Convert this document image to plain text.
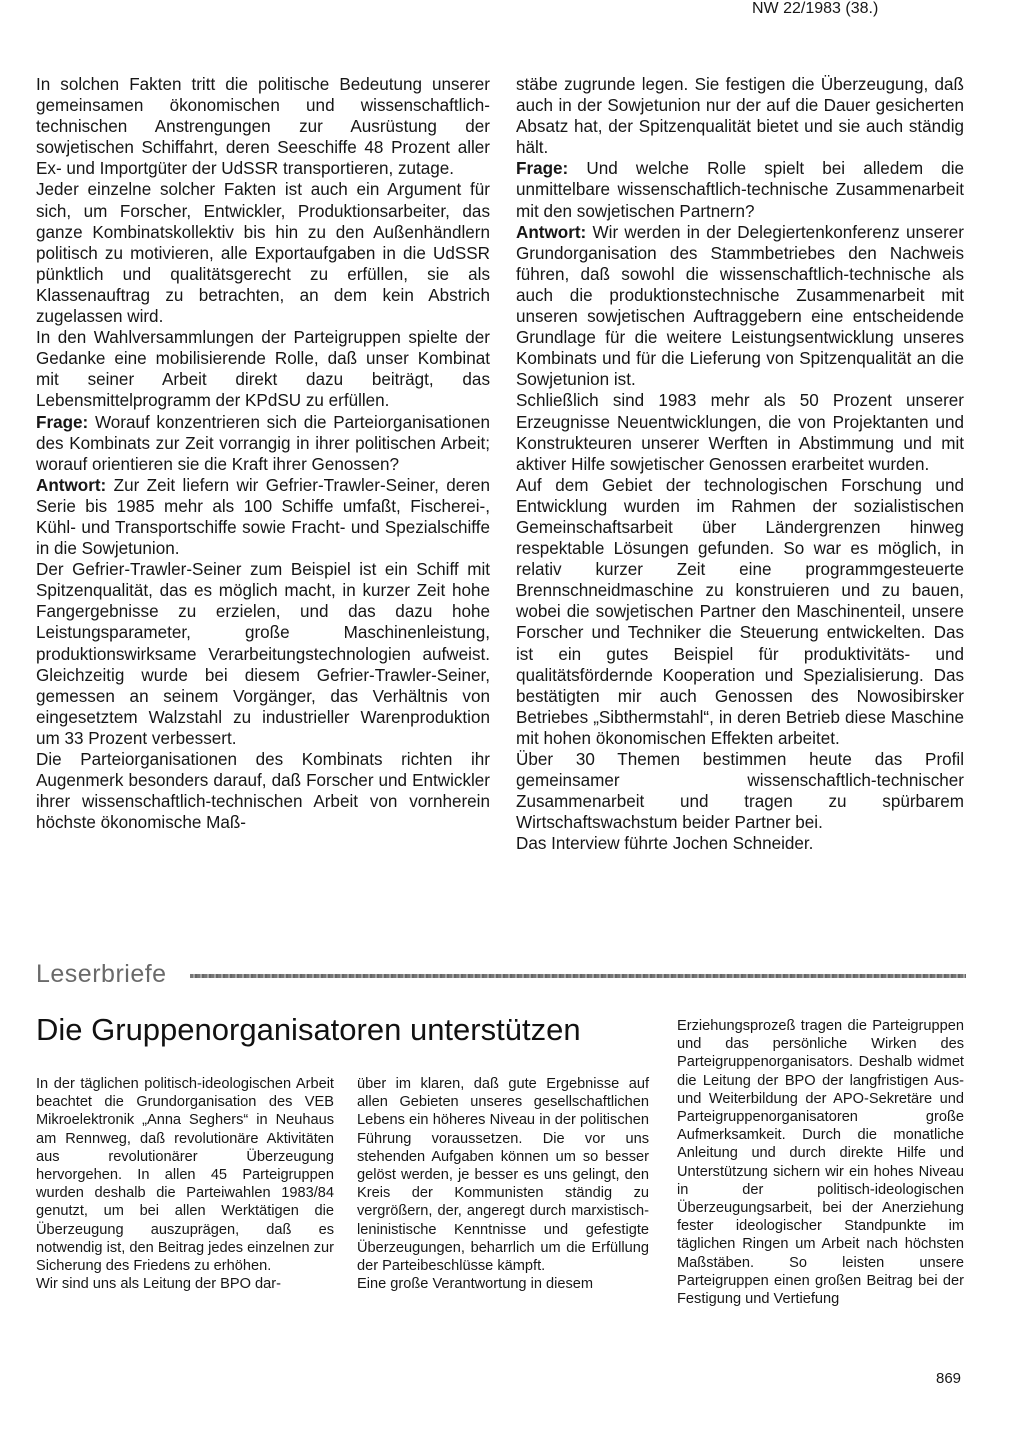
In solchen Fakten tritt die politische Bedeutung unserer gemeinsamen ökonomischen und wissenschaftlich-technischen Anstrengungen zur Ausrüstung der sowjetischen Schiffahrt, deren Seeschiffe 48 Prozent aller Ex- und Importgüter der UdSSR transportieren, zutage.

Jeder einzelne solcher Fakten ist auch ein Argument für sich, um Forscher, Entwickler, Produktionsarbeiter, das ganze Kombinatskollektiv bis hin zu den Außenhändlern politisch zu motivieren, alle Exportaufgaben in die UdSSR pünktlich und qualitätsgerecht zu erfüllen, sie als Klassenauftrag zu betrachten, an dem kein Abstrich zugelassen wird.

In den Wahlversammlungen der Parteigruppen spielte der Gedanke eine mobilisierende Rolle, daß unser Kombinat mit seiner Arbeit direkt dazu beiträgt, das Lebensmittelprogramm der KPdSU zu erfüllen.

Frage: Worauf konzentrieren sich die Parteiorganisationen des Kombinats zur Zeit vorrangig in ihrer politischen Arbeit; worauf orientieren sie die Kraft ihrer Genossen?

Antwort: Zur Zeit liefern wir Gefrier-Trawler-Seiner, deren Serie bis 1985 mehr als 100 Schiffe umfaßt, Fischerei-, Kühl- und Transportschiffe sowie Fracht- und Spezialschiffe in die Sowjetunion.

Der Gefrier-Trawler-Seiner zum Beispiel ist ein Schiff mit Spitzenqualität, das es möglich macht, in kurzer Zeit hohe Fangergebnisse zu erzielen, und das dazu hohe Leistungsparameter, große Maschinenleistung, produktionswirksame Verarbeitungstechnologien aufweist. Gleichzeitig wurde bei diesem Gefrier-Trawler-Seiner, gemessen an seinem Vorgänger, das Verhältnis von eingesetztem Walzstahl zu industrieller Warenproduktion um 33 Prozent verbessert.

Die Parteiorganisationen des Kombinats richten ihr Augenmerk besonders darauf, daß Forscher und Entwickler ihrer wissenschaftlich-technischen Arbeit von vornherein höchste ökonomische Maß-

stäbe zugrunde legen. Sie festigen die Überzeugung, daß auch in der Sowjetunion nur der auf die Dauer gesicherten Absatz hat, der Spitzenqualität bietet und sie auch ständig hält.

Frage: Und welche Rolle spielt bei alledem die unmittelbare wissenschaftlich-technische Zusammenarbeit mit den sowjetischen Partnern?

Antwort: Wir werden in der Delegiertenkonferenz unserer Grundorganisation des Stammbetriebes den Nachweis führen, daß sowohl die wissenschaftlich-technische als auch die produktionstechnische Zusammenarbeit mit unseren sowjetischen Auftraggebern eine entscheidende Grundlage für die weitere Leistungsentwicklung unseres Kombinats und für die Lieferung von Spitzenqualität an die Sowjetunion ist.

Schließlich sind 1983 mehr als 50 Prozent unserer Erzeugnisse Neuentwicklungen, die von Projektanten und Konstrukteuren unserer Werften in Abstimmung und mit aktiver Hilfe sowjetischer Genossen erarbeitet wurden.

Auf dem Gebiet der technologischen Forschung und Entwicklung wurden im Rahmen der sozialistischen Gemeinschaftsarbeit über Ländergrenzen hinweg respektable Lösungen gefunden. So war es möglich, in relativ kurzer Zeit eine programmgesteuerte Brennschneidmaschine zu konstruieren und zu bauen, wobei die sowjetischen Partner den Maschinenteil, unsere Forscher und Techniker die Steuerung entwickelten. Das ist ein gutes Beispiel für produktivitäts- und qualitätsfördernde Kooperation und Spezialisierung. Das bestätigten mir auch Genossen des Nowosibirsker Betriebes „Sibthermstahl“, in deren Betrieb diese Maschine mit hohen ökonomischen Effekten arbeitet.

Über 30 Themen bestimmen heute das Profil gemeinsamer wissenschaftlich-technischer Zusammenarbeit und tragen zu spürbarem Wirtschaftswachstum beider Partner bei.

Das Interview führte Jochen Schneider.

Leserbriefe
Die Gruppenorganisatoren unterstützen

In der täglichen politisch-ideologischen Arbeit beachtet die Grundorganisation des VEB Mikroelektronik „Anna Seghers“ in Neuhaus am Rennweg, daß revolutionäre Aktivitäten aus revolutionärer Überzeugung hervorgehen. In allen 45 Parteigruppen wurden deshalb die Parteiwahlen 1983/84 genutzt, um bei allen Werktätigen die Überzeugung auszuprägen, daß es notwendig ist, den Beitrag jedes einzelnen zur Sicherung des Friedens zu erhöhen.

Wir sind uns als Leitung der BPO dar-

über im klaren, daß gute Ergebnisse auf allen Gebieten unseres gesellschaftlichen Lebens ein höheres Niveau in der politischen Führung voraussetzen. Die vor uns stehenden Aufgaben können um so besser gelöst werden, je besser es uns gelingt, den Kreis der Kommunisten ständig zu vergrößern, der, angeregt durch marxistisch-leninistische Kenntnisse und gefestigte Überzeugungen, beharrlich um die Erfüllung der Parteibeschlüsse kämpft.

Eine große Verantwortung in diesem

Erziehungsprozeß tragen die Parteigruppen und das persönliche Wirken des Parteigruppenorganisators. Deshalb widmet die Leitung der BPO der langfristigen Aus- und Weiterbildung der APO-Sekretäre und Parteigruppenorganisatoren große Aufmerksamkeit. Durch die monatliche Anleitung und durch direkte Hilfe und Unterstützung sichern wir ein hohes Niveau in der politisch-ideologischen Überzeugungsarbeit, bei der Anerziehung fester ideologischer Standpunkte im täglichen Ringen um Arbeit nach höchsten Maßstäben. So leisten unsere Parteigruppen einen großen Beitrag bei der Festigung und Vertiefung

NW 22/1983 (38.)
869
